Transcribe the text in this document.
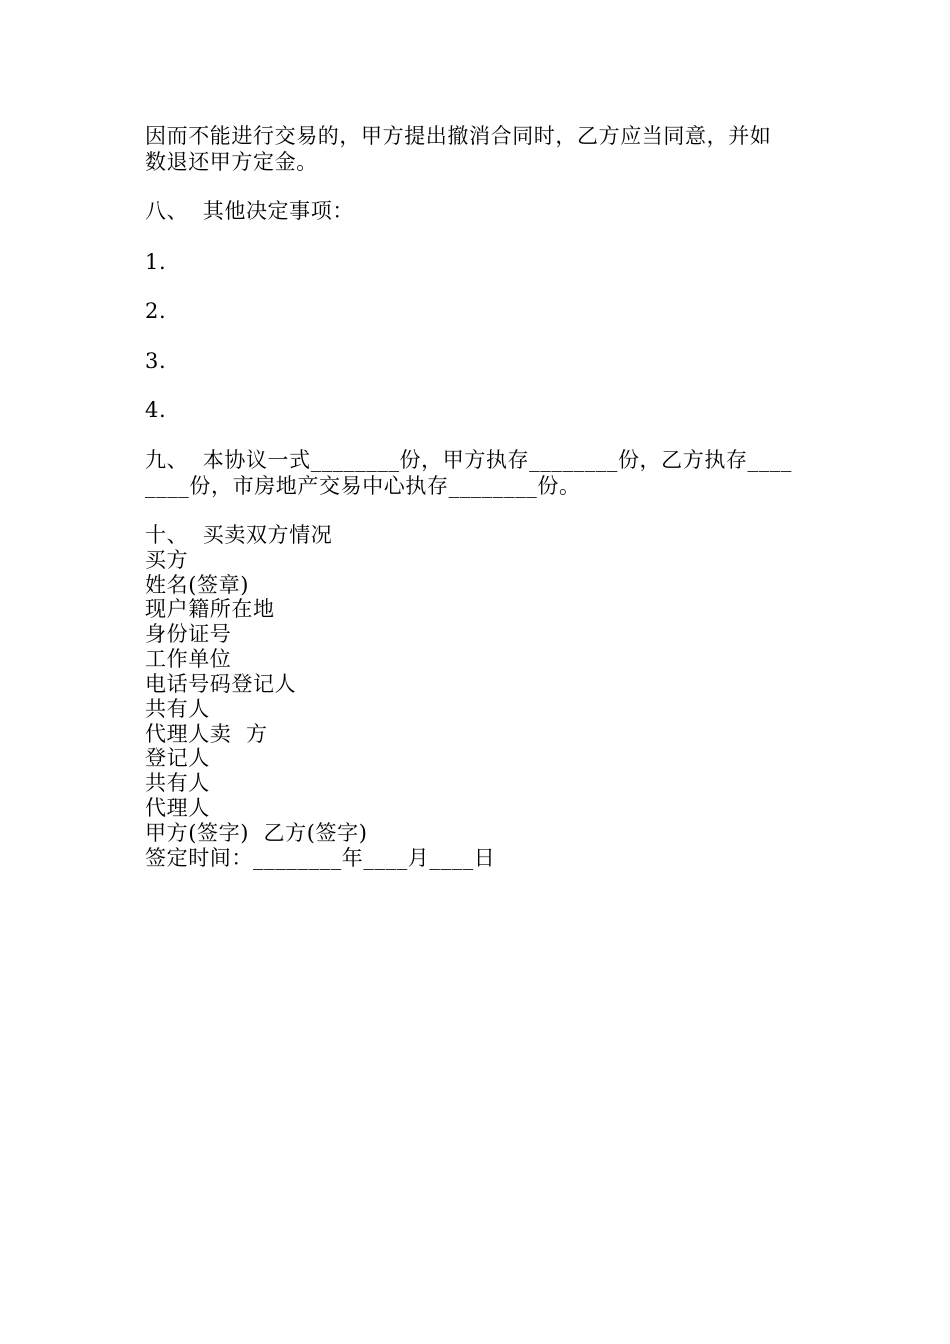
因而不能进行交易的，甲方提出撤消合同时，乙方应当同意，并如
数退还甲方定金。
八、  其他决定事项：
1.
2.
3.
4.
九、  本协议一式________份，甲方执存________份，乙方执存____
____份，市房地产交易中心执存________份。
十、  买卖双方情况
买方
姓名(签章)
现户籍所在地
身份证号
工作单位
电话号码登记人
共有人
代理人卖  方
登记人
共有人
代理人
甲方(签字)  乙方(签字)
签定时间：________年____月____日
